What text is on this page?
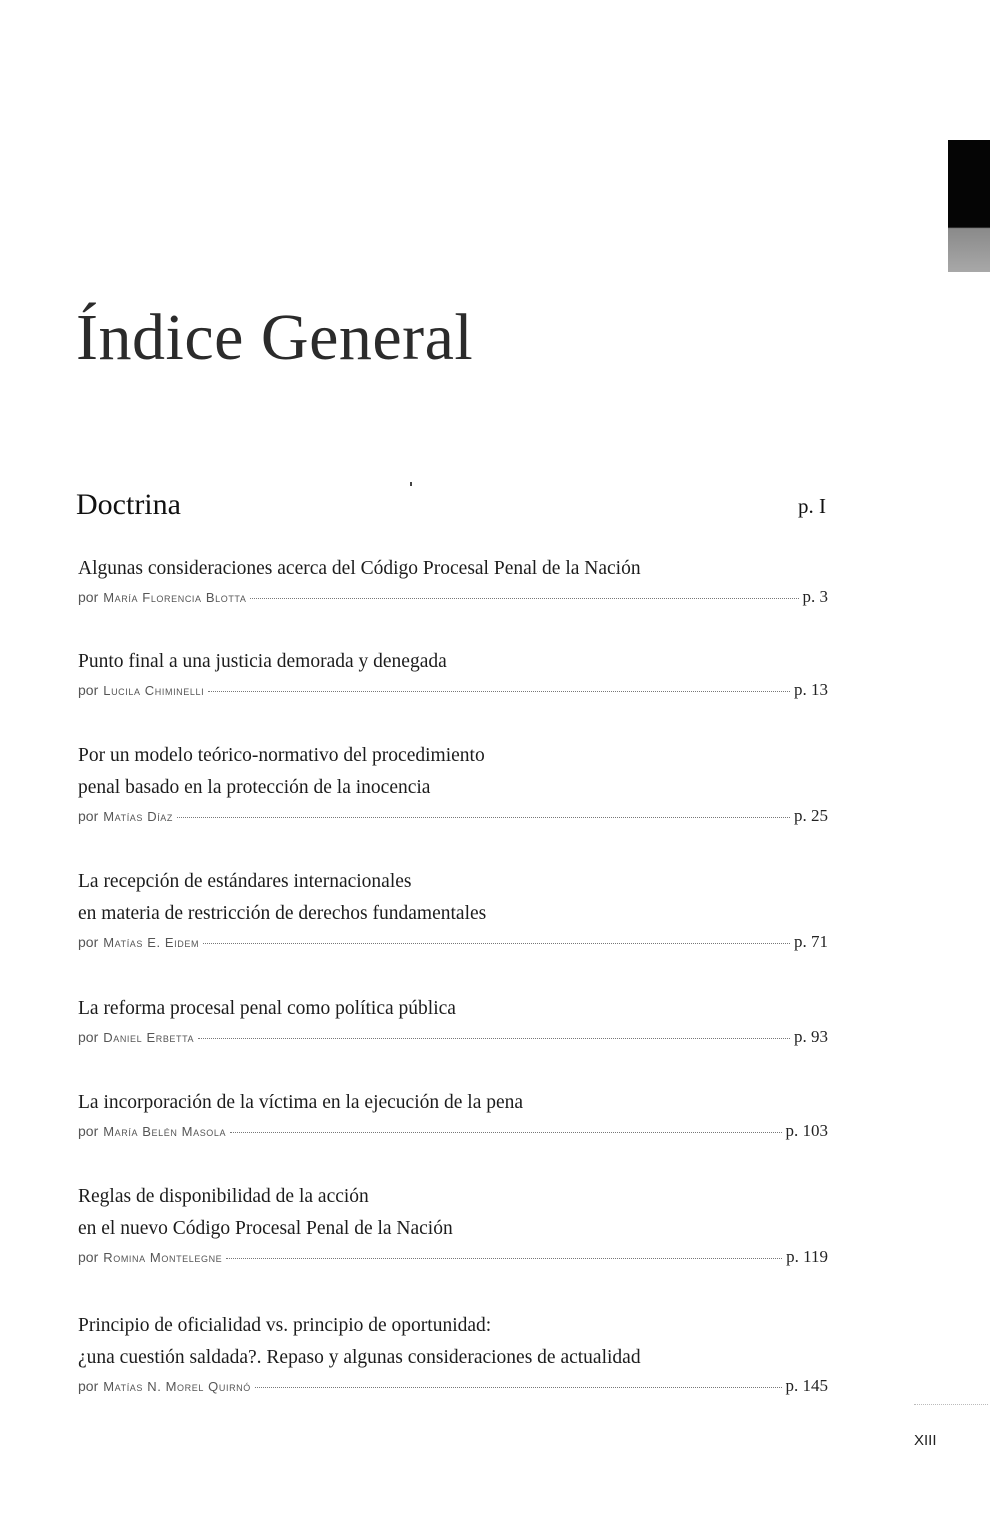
Índice General
Doctrina	p. I
Algunas consideraciones acerca del Código Procesal Penal de la Nación
por María Florencia Blotta	p. 3
Punto final a una justicia demorada y denegada
por Lucila Chiminelli	p. 13
Por un modelo teórico-normativo del procedimiento
penal basado en la protección de la inocencia
por Matías Díaz	p. 25
La recepción de estándares internacionales
en materia de restricción de derechos fundamentales
por Matías E. Eidem	p. 71
La reforma procesal penal como política pública
por Daniel Erbetta	p. 93
La incorporación de la víctima en la ejecución de la pena
por María Belén Masola	p. 103
Reglas de disponibilidad de la acción
en el nuevo Código Procesal Penal de la Nación
por Romina Montelegne	p. 119
Principio de oficialidad vs. principio de oportunidad:
¿una cuestión saldada?. Repaso y algunas consideraciones de actualidad
por Matías N. Morel Quirnó	p. 145
XIII
